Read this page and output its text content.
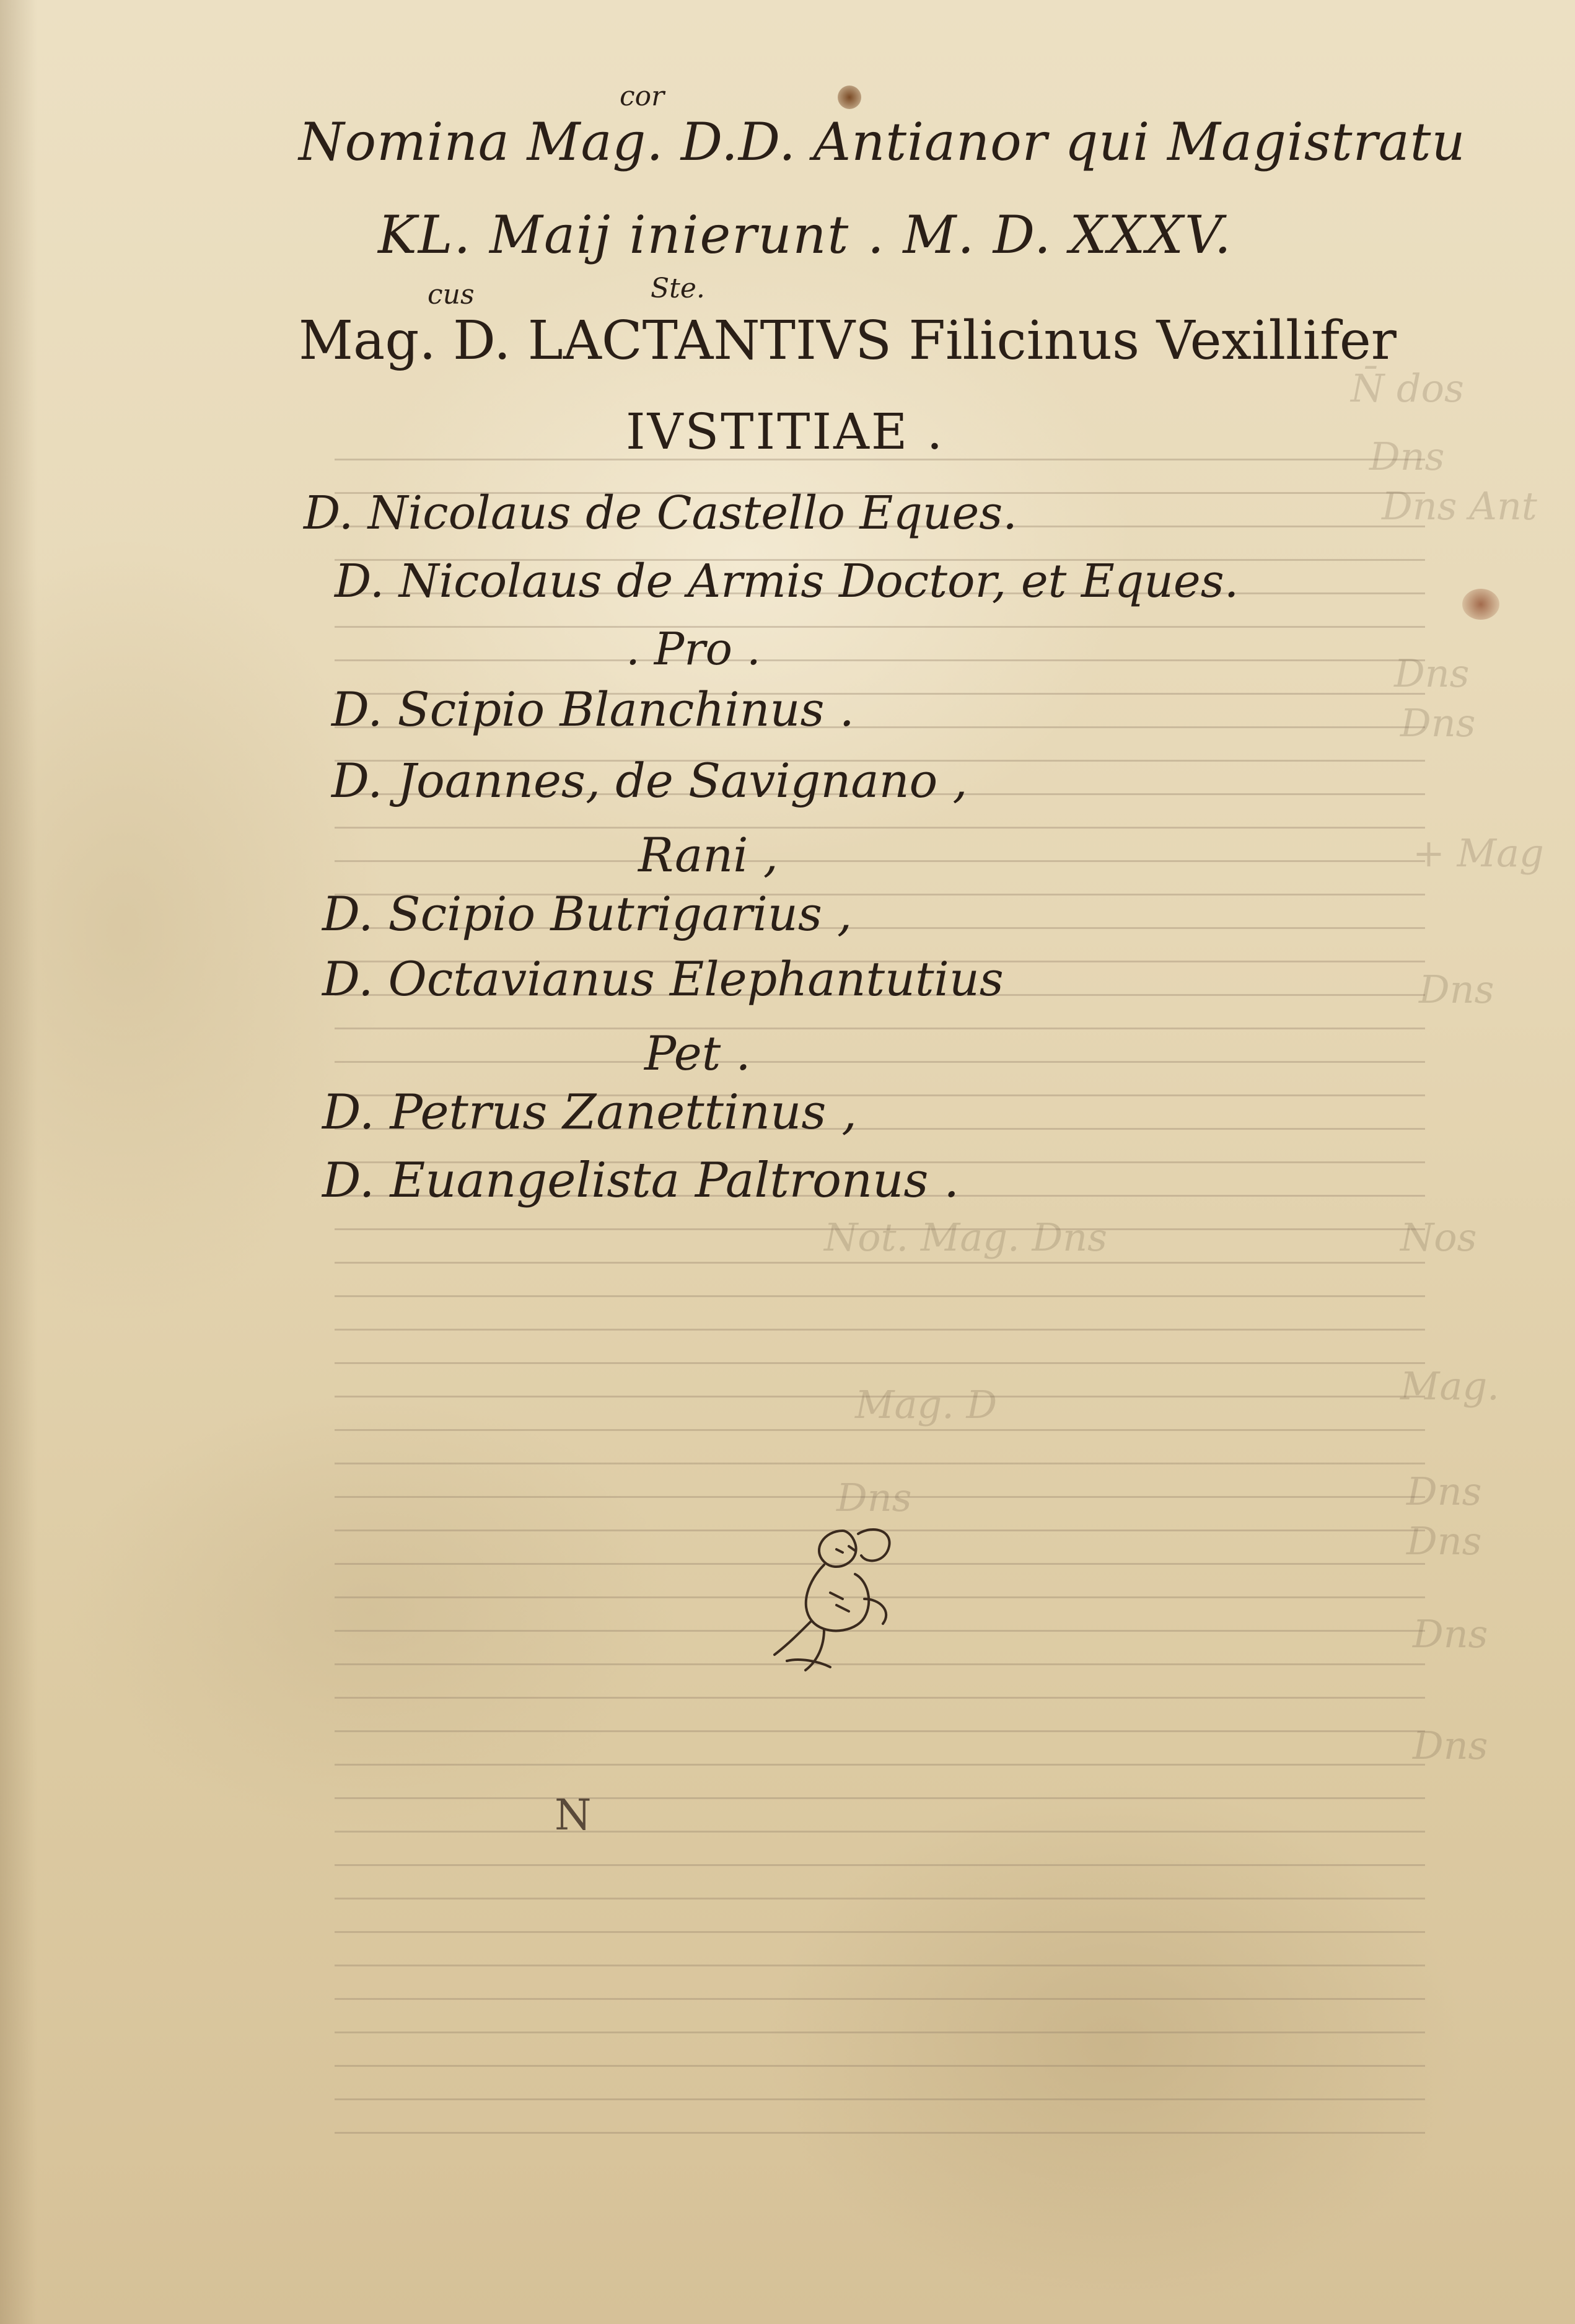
N̄ dos
Dns
Dns Ant
Dns
Dns
+ Mag
Dns
Nos
Mag.
Dns
Dns
Dns
Dns
Not. Mag. Dns
Mag. D
Dns
cor
Nomina Mag. D.D. Antianor qui Magistratu
KL. Maij inierunt . M. D. XXXV.
cus	Ste.
Mag. D. LACTANTIVS Filicinus Vexillifer
IVSTITIAE .
D. Nicolaus de Castello Eques.
D. Nicolaus de Armis Doctor, et Eques.
. Pro .
D. Scipio Blanchinus .
D. Joannes, de Savignano ,
Rani ,
D. Scipio Butrigarius ,
D. Octavianus Elephantutius
Pet .
D. Petrus Zanettinus ,
D. Euangelista Paltronus .
N
